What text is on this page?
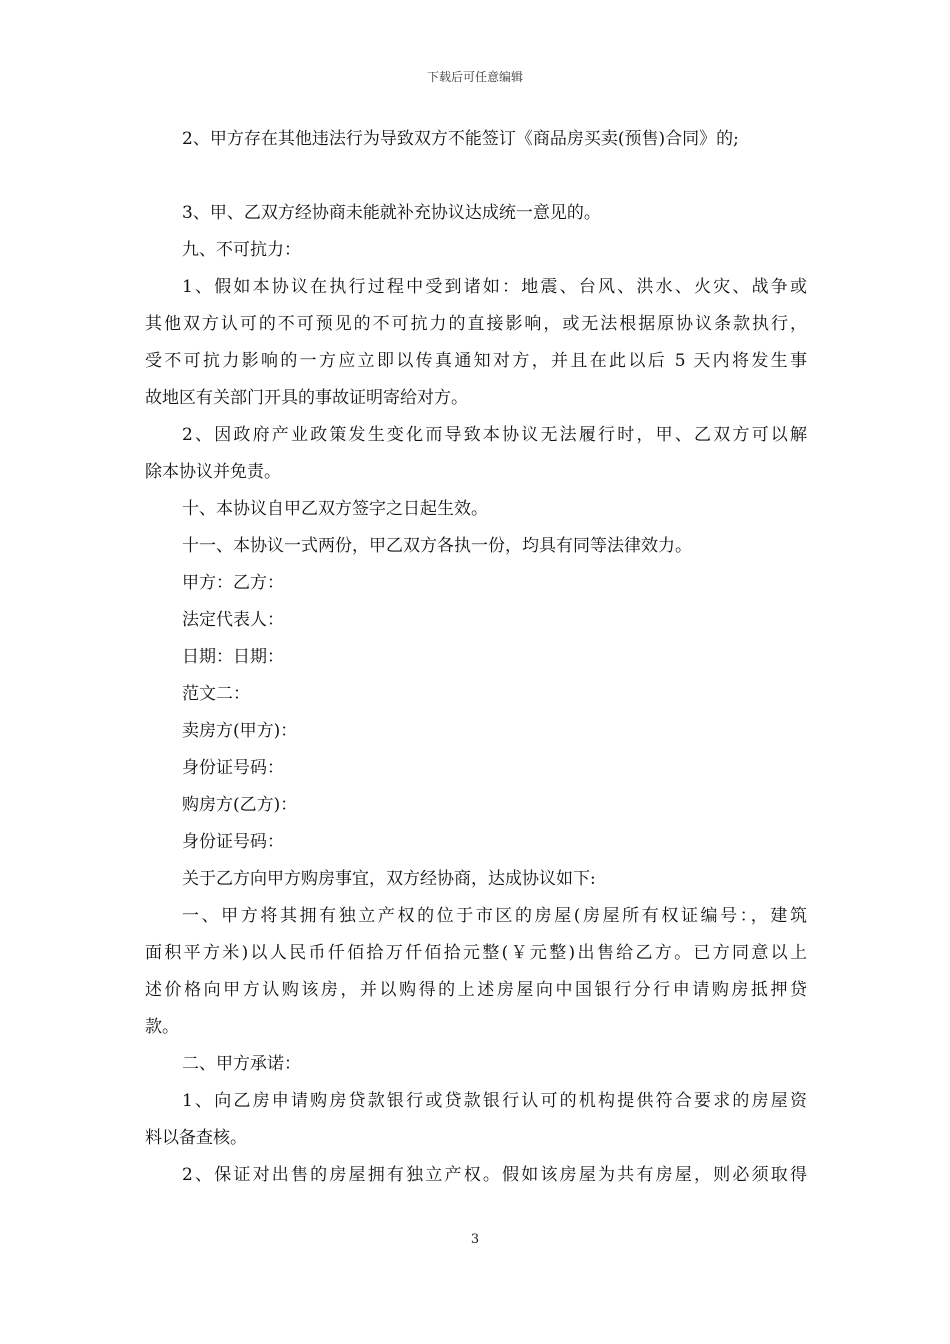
下载后可任意编辑
2、甲方存在其他违法行为导致双方不能签订《商品房买卖(预售)合同》的;
3、甲、乙双方经协商未能就补充协议达成统一意见的。
九、不可抗力：
1、假如本协议在执行过程中受到诸如：地震、台风、洪水、火灾、战争或
其他双方认可的不可预见的不可抗力的直接影响，或无法根据原协议条款执行，
受不可抗力影响的一方应立即以传真通知对方，并且在此以后 5 天内将发生事
故地区有关部门开具的事故证明寄给对方。
2、因政府产业政策发生变化而导致本协议无法履行时，甲、乙双方可以解
除本协议并免责。
十、本协议自甲乙双方签字之日起生效。
十一、本协议一式两份，甲乙双方各执一份，均具有同等法律效力。
甲方：乙方：
法定代表人：
日期：日期：
范文二：
卖房方(甲方)：
身份证号码：
购房方(乙方)：
身份证号码：
关于乙方向甲方购房事宜，双方经协商，达成协议如下:
一、甲方将其拥有独立产权的位于市区的房屋(房屋所有权证编号：，建筑
面积平方米)以人民币仟佰拾万仟佰拾元整(￥元整)出售给乙方。已方同意以上
述价格向甲方认购该房，并以购得的上述房屋向中国银行分行申请购房抵押贷
款。
二、甲方承诺：
1、向乙房申请购房贷款银行或贷款银行认可的机构提供符合要求的房屋资
料以备查核。
2、保证对出售的房屋拥有独立产权。假如该房屋为共有房屋，则必须取得
3
